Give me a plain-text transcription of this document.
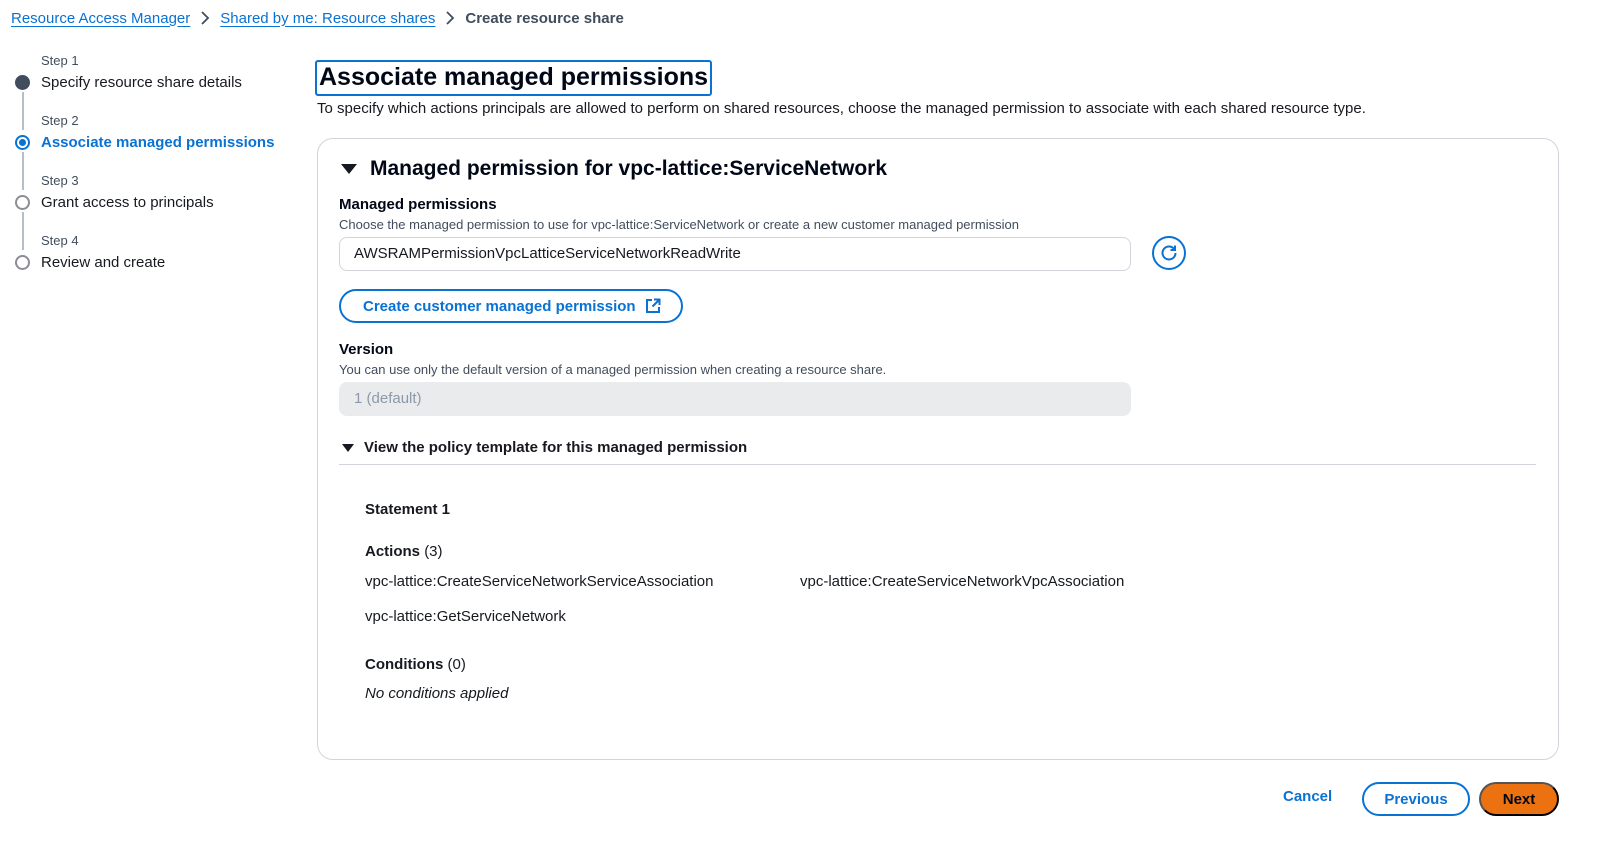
Resource Access Manager Shared by me: Resource shares Create resource share
Step 1
Specify resource share details
Step 2
Associate managed permissions
Step 3
Grant access to principals
Step 4
Review and create
Associate managed permissions

To specify which actions principals are allowed to perform on shared resources, choose the managed permission to associate with each shared resource type.

Managed permission for vpc-lattice:ServiceNetwork
Managed permissions
Choose the managed permission to use for vpc-lattice:ServiceNetwork or create a new customer managed permission
AWSRAMPermissionVpcLatticeServiceNetworkReadWrite
Create customer managed permission
Version
You can use only the default version of a managed permission when creating a resource share.
1 (default)
View the policy template for this managed permission
Statement 1
Actions (3)
vpc-lattice:CreateServiceNetworkServiceAssociation	vpc-lattice:CreateServiceNetworkVpcAssociation
vpc-lattice:GetServiceNetwork
Conditions (0)
No conditions applied
Cancel	Previous	Next
